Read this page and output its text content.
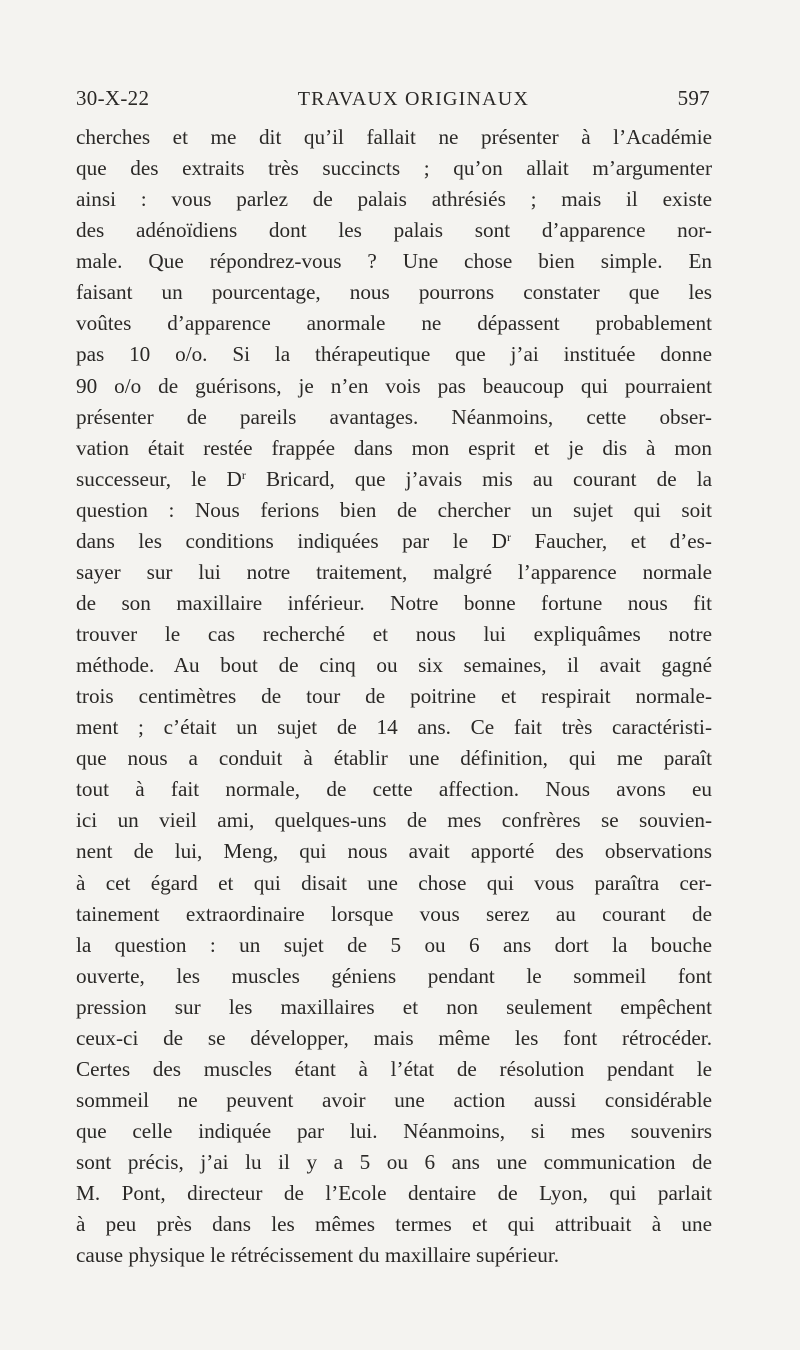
30-X-22	TRAVAUX ORIGINAUX	597
cherches et me dit qu’il fallait ne présenter à l’Académie
que des extraits très succincts ; qu’on allait m’argumenter
ainsi : vous parlez de palais athrésiés ; mais il existe
des adénoïdiens dont les palais sont d’apparence nor-
male. Que répondrez-vous ? Une chose bien simple. En
faisant un pourcentage, nous pourrons constater que les
voûtes d’apparence anormale ne dépassent probablement
pas 10 o/o. Si la thérapeutique que j’ai instituée donne
90 o/o de guérisons, je n’en vois pas beaucoup qui pourraient
présenter de pareils avantages. Néanmoins, cette obser-
vation était restée frappée dans mon esprit et je dis à mon
successeur, le $D^r$ Bricard, que j’avais mis au courant de la
question : Nous ferions bien de chercher un sujet qui soit
dans les conditions indiquées par le $D^r$ Faucher, et d’es-
sayer sur lui notre traitement, malgré l’apparence normale
de son maxillaire inférieur. Notre bonne fortune nous fit
trouver le cas recherché et nous lui expliquâmes notre
méthode. Au bout de cinq ou six semaines, il avait gagné
trois centimètres de tour de poitrine et respirait normale-
ment ; c’était un sujet de 14 ans. Ce fait très caractéristi-
que nous a conduit à établir une définition, qui me paraît
tout à fait normale, de cette affection. Nous avons eu
ici un vieil ami, quelques-uns de mes confrères se souvien-
nent de lui, Meng, qui nous avait apporté des observations
à cet égard et qui disait une chose qui vous paraîtra cer-
tainement extraordinaire lorsque vous serez au courant de
la question : un sujet de 5 ou 6 ans dort la bouche
ouverte, les muscles géniens pendant le sommeil font
pression sur les maxillaires et non seulement empêchent
ceux-ci de se développer, mais même les font rétrocéder.
Certes des muscles étant à l’état de résolution pendant le
sommeil ne peuvent avoir une action aussi considérable
que celle indiquée par lui. Néanmoins, si mes souvenirs
sont précis, j’ai lu il y a 5 ou 6 ans une communication de
M. Pont, directeur de l’Ecole dentaire de Lyon, qui parlait
à peu près dans les mêmes termes et qui attribuait à une
cause physique le rétrécissement du maxillaire supérieur.
